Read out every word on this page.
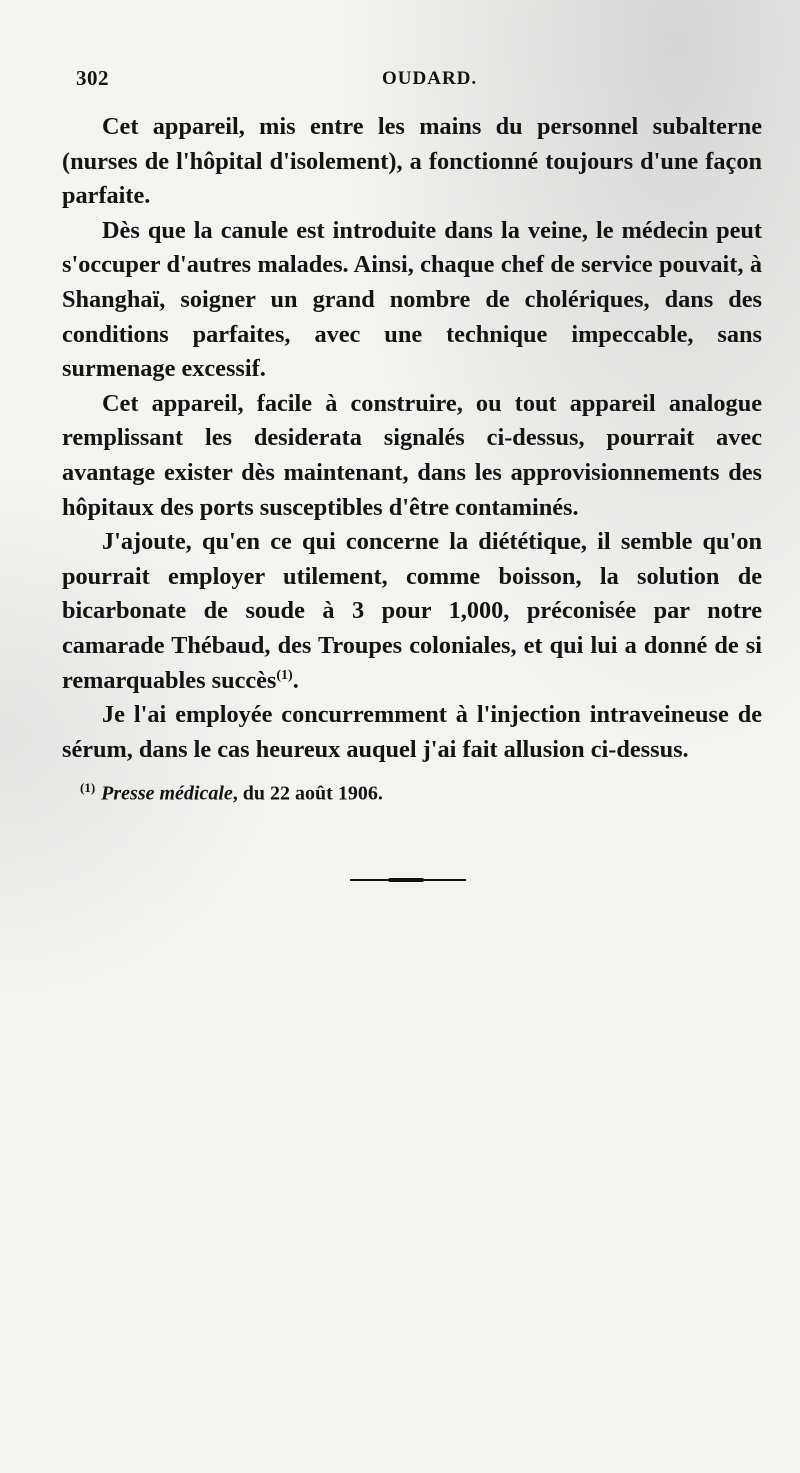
302	OUDARD.

Cet appareil, mis entre les mains du personnel subalterne (nurses de l'hôpital d'isolement), a fonctionné toujours d'une façon parfaite.

Dès que la canule est introduite dans la veine, le médecin peut s'occuper d'autres malades. Ainsi, chaque chef de service pouvait, à Shanghaï, soigner un grand nombre de cholériques, dans des conditions parfaites, avec une technique impeccable, sans surmenage excessif.

Cet appareil, facile à construire, ou tout appareil analogue remplissant les desiderata signalés ci-dessus, pourrait avec avantage exister dès maintenant, dans les approvisionnements des hôpitaux des ports susceptibles d'être contaminés.

J'ajoute, qu'en ce qui concerne la diététique, il semble qu'on pourrait employer utilement, comme boisson, la solution de bicarbonate de soude à 3 pour 1,000, préconisée par notre camarade Thébaud, des Troupes coloniales, et qui lui a donné de si remarquables succès$^{(1)}$.

Je l'ai employée concurremment à l'injection intraveineuse de sérum, dans le cas heureux auquel j'ai fait allusion ci-dessus.

$^{(1)}$ Presse médicale, du 22 août 1906.
